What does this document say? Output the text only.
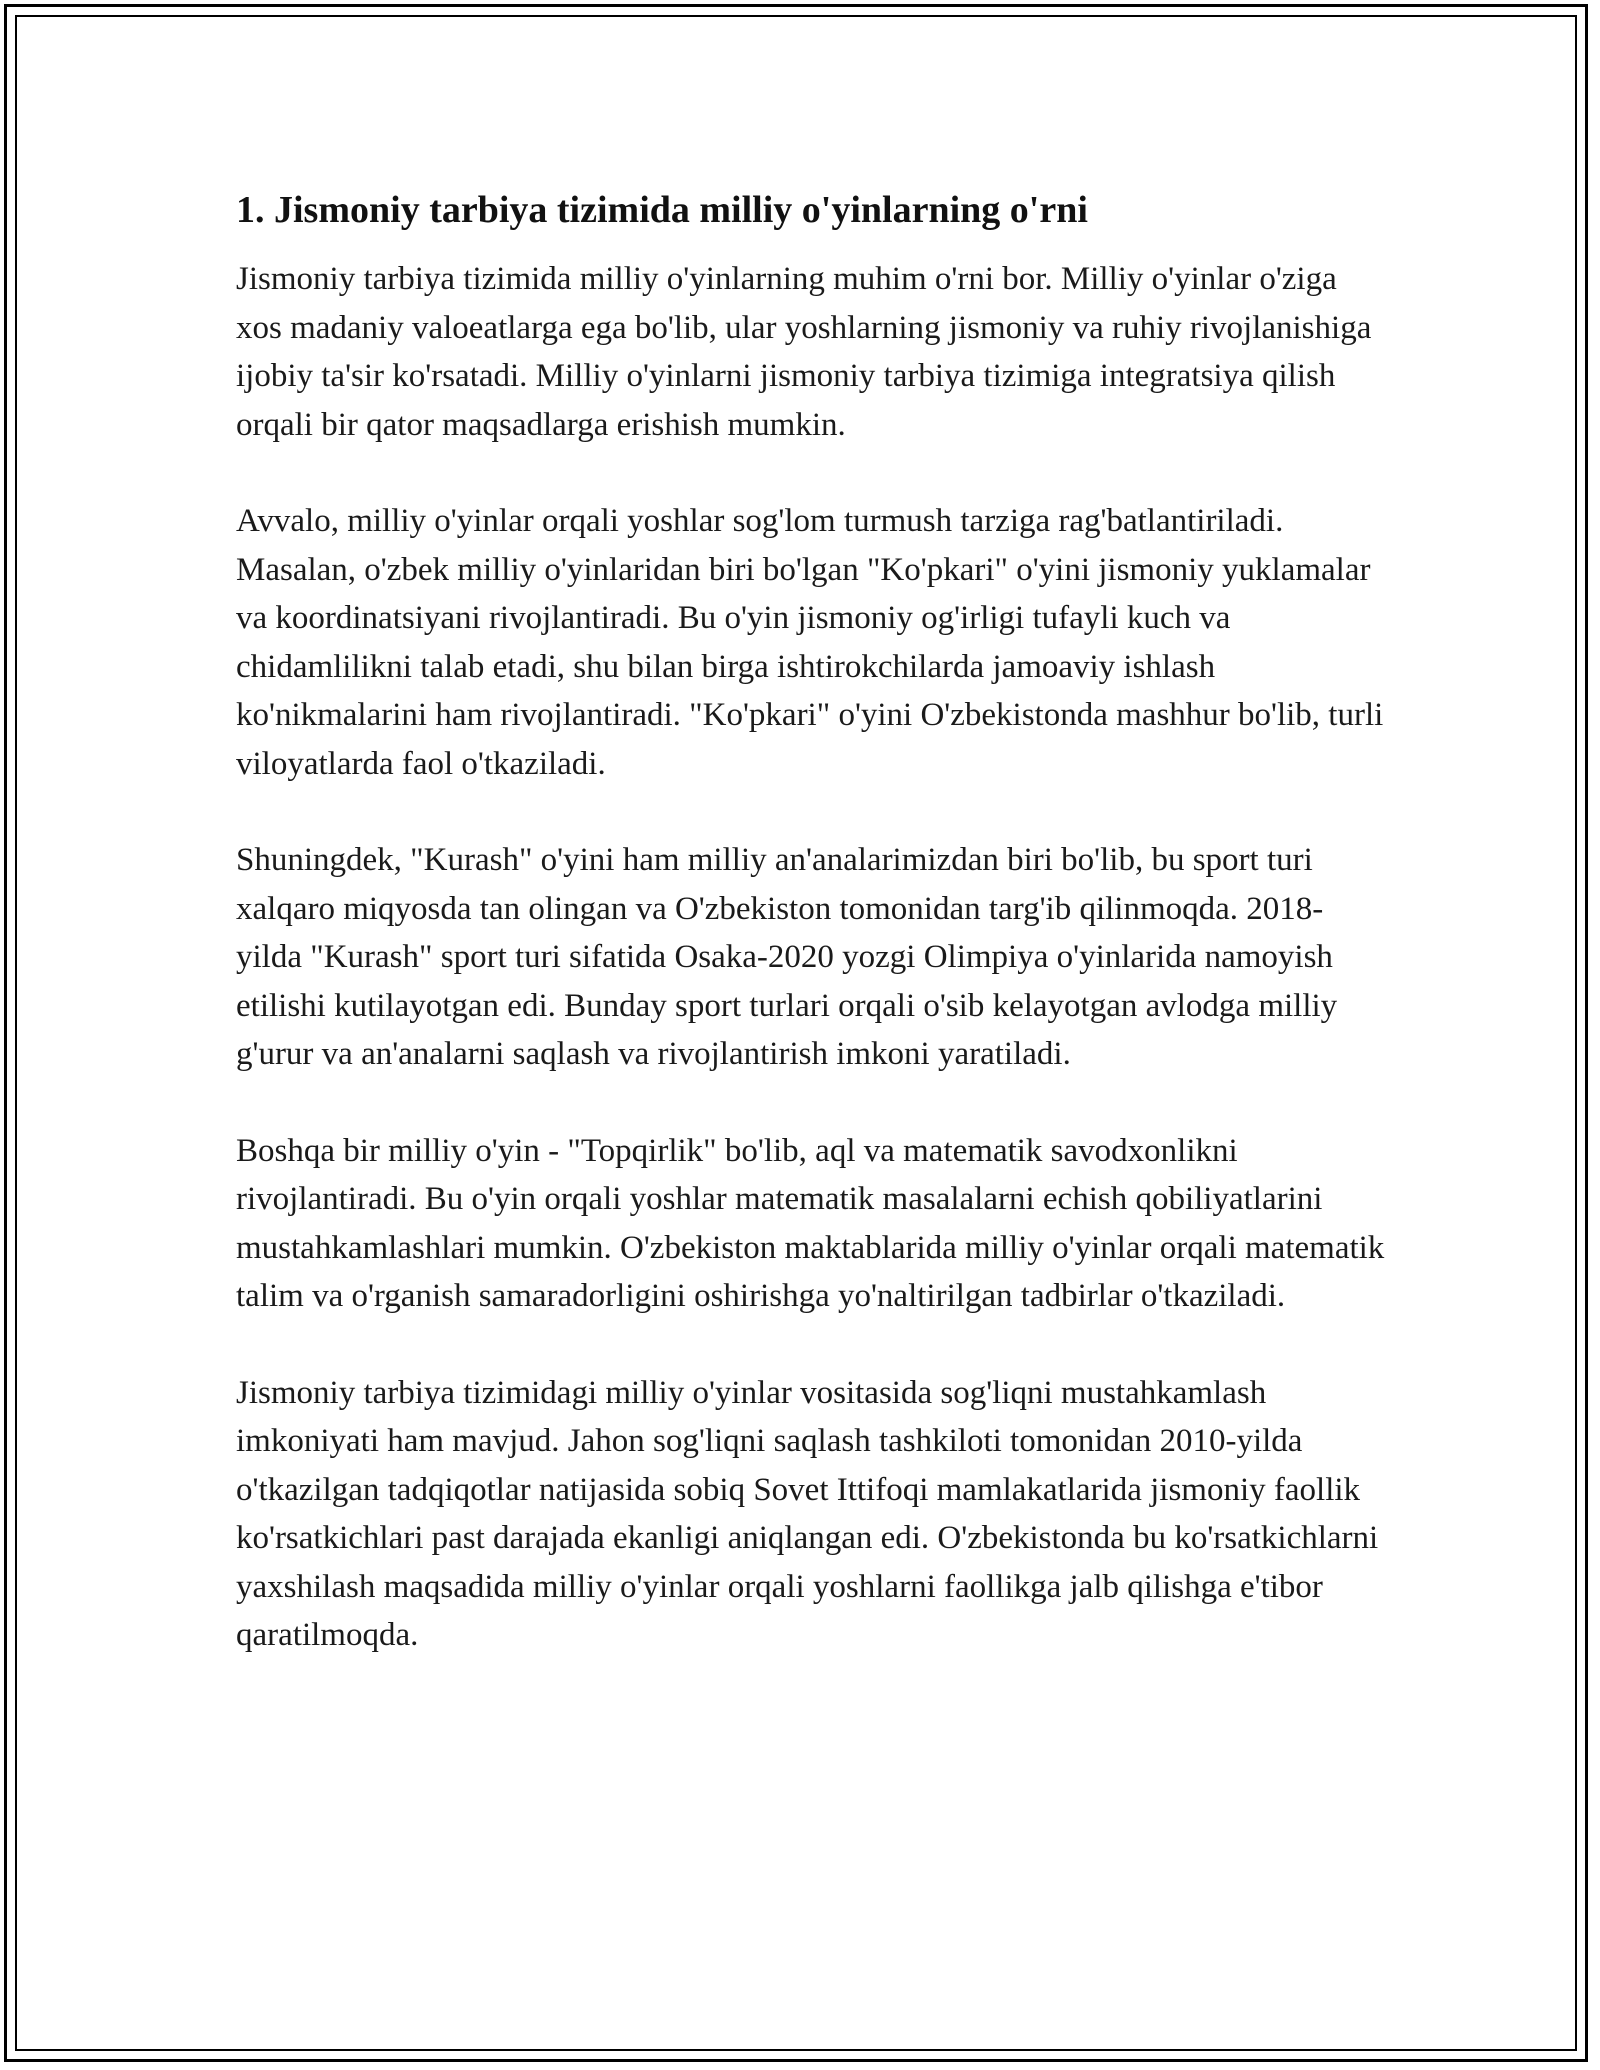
1. Jismoniy tarbiya tizimida milliy o'yinlarning o'rni

Jismoniy tarbiya tizimida milliy o'yinlarning muhim o'rni bor. Milliy o'yinlar o'ziga xos madaniy valoeatlarga ega bo'lib, ular yoshlarning jismoniy va ruhiy rivojlanishiga ijobiy ta'sir ko'rsatadi. Milliy o'yinlarni jismoniy tarbiya tizimiga integratsiya qilish orqali bir qator maqsadlarga erishish mumkin.

Avvalo, milliy o'yinlar orqali yoshlar sog'lom turmush tarziga rag'batlantiriladi. Masalan, o'zbek milliy o'yinlaridan biri bo'lgan "Ko'pkari" o'yini jismoniy yuklamalar va koordinatsiyani rivojlantiradi. Bu o'yin jismoniy og'irligi tufayli kuch va chidamlilikni talab etadi, shu bilan birga ishtirokchilarda jamoaviy ishlash ko'nikmalarini ham rivojlantiradi. "Ko'pkari" o'yini O'zbekistonda mashhur bo'lib, turli viloyatlarda faol o'tkaziladi.

Shuningdek, "Kurash" o'yini ham milliy an'analarimizdan biri bo'lib, bu sport turi xalqaro miqyosda tan olingan va O'zbekiston tomonidan targ'ib qilinmoqda. 2018-yilda "Kurash" sport turi sifatida Osaka-2020 yozgi Olimpiya o'yinlarida namoyish etilishi kutilayotgan edi. Bunday sport turlari orqali o'sib kelayotgan avlodga milliy g'urur va an'analarni saqlash va rivojlantirish imkoni yaratiladi.

Boshqa bir milliy o'yin - "Topqirlik" bo'lib, aql va matematik savodxonlikni rivojlantiradi. Bu o'yin orqali yoshlar matematik masalalarni echish qobiliyatlarini mustahkamlashlari mumkin. O'zbekiston maktablarida milliy o'yinlar orqali matematik talim va o'rganish samaradorligini oshirishga yo'naltirilgan tadbirlar o'tkaziladi.

Jismoniy tarbiya tizimidagi milliy o'yinlar vositasida sog'liqni mustahkamlash imkoniyati ham mavjud. Jahon sog'liqni saqlash tashkiloti tomonidan 2010-yilda o'tkazilgan tadqiqotlar natijasida sobiq Sovet Ittifoqi mamlakatlarida jismoniy faollik ko'rsatkichlari past darajada ekanligi aniqlangan edi. O'zbekistonda bu ko'rsatkichlarni yaxshilash maqsadida milliy o'yinlar orqali yoshlarni faollikga jalb qilishga e'tibor qaratilmoqda.
